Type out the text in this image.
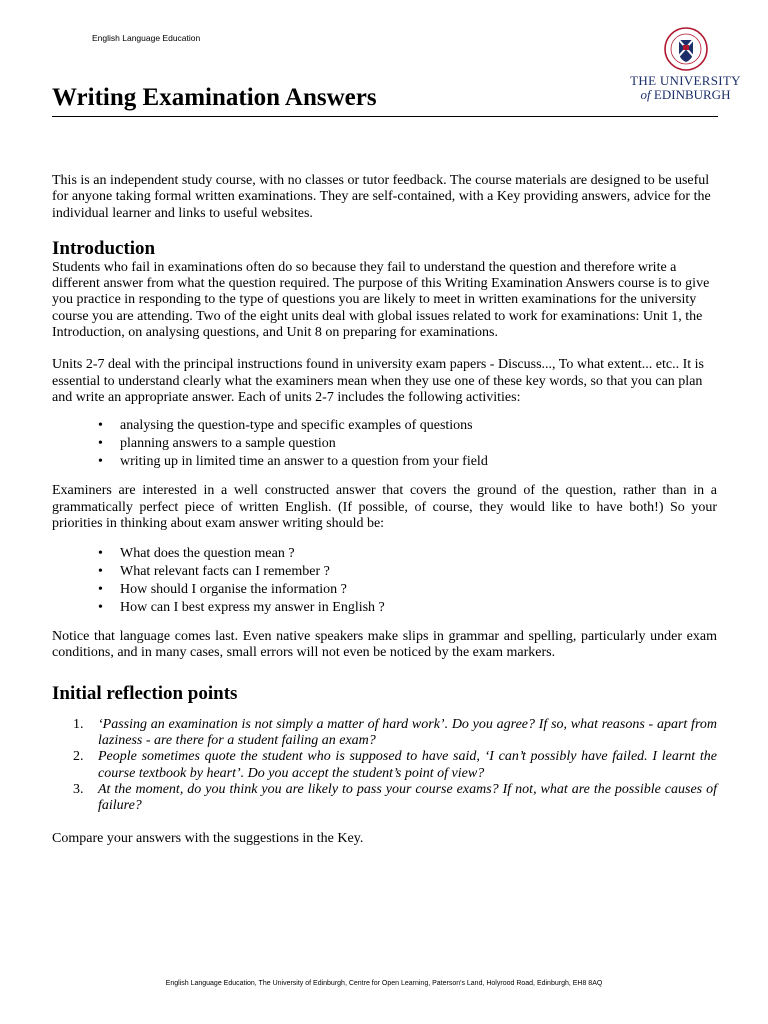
English Language Education
THE UNIVERSITY
of EDINBURGH
Writing Examination Answers

This is an independent study course, with no classes or tutor feedback. The course materials are designed to be useful for anyone taking formal written examinations. They are self-contained, with a Key providing answers, advice for the individual learner and links to useful websites.

Introduction

Students who fail in examinations often do so because they fail to understand the question and therefore write a different answer from what the question required. The purpose of this Writing Examination Answers course is to give you practice in responding to the type of questions you are likely to meet in written examinations for the university course you are attending. Two of the eight units deal with global issues related to work for examinations: Unit 1, the Introduction, on analysing questions, and Unit 8 on preparing for examinations.

Units 2-7 deal with the principal instructions found in university exam papers - Discuss..., To what extent... etc.. It is essential to understand clearly what the examiners mean when they use one of these key words, so that you can plan and write an appropriate answer. Each of units 2-7 includes the following activities:

• analysing the question-type and specific examples of questions
• planning answers to a sample question
• writing up in limited time an answer to a question from your field

Examiners are interested in a well constructed answer that covers the ground of the question, rather than in a grammatically perfect piece of written English. (If possible, of course, they would like to have both!) So your priorities in thinking about exam answer writing should be:

• What does the question mean ?
• What relevant facts can I remember ?
• How should I organise the information ?
• How can I best express my answer in English ?

Notice that language comes last. Even native speakers make slips in grammar and spelling, particularly under exam conditions, and in many cases, small errors will not even be noticed by the exam markers.

Initial reflection points
1. ‘Passing an examination is not simply a matter of hard work’. Do you agree? If so, what reasons - apart from laziness - are there for a student failing an exam?
2. People sometimes quote the student who is supposed to have said, ‘I can’t possibly have failed. I learnt the course textbook by heart’. Do you accept the student’s point of view?
3. At the moment, do you think you are likely to pass your course exams? If not, what are the possible causes of failure?

Compare your answers with the suggestions in the Key.

English Language Education, The University of Edinburgh, Centre for Open Learning, Paterson's Land, Holyrood Road, Edinburgh, EH8 8AQ
